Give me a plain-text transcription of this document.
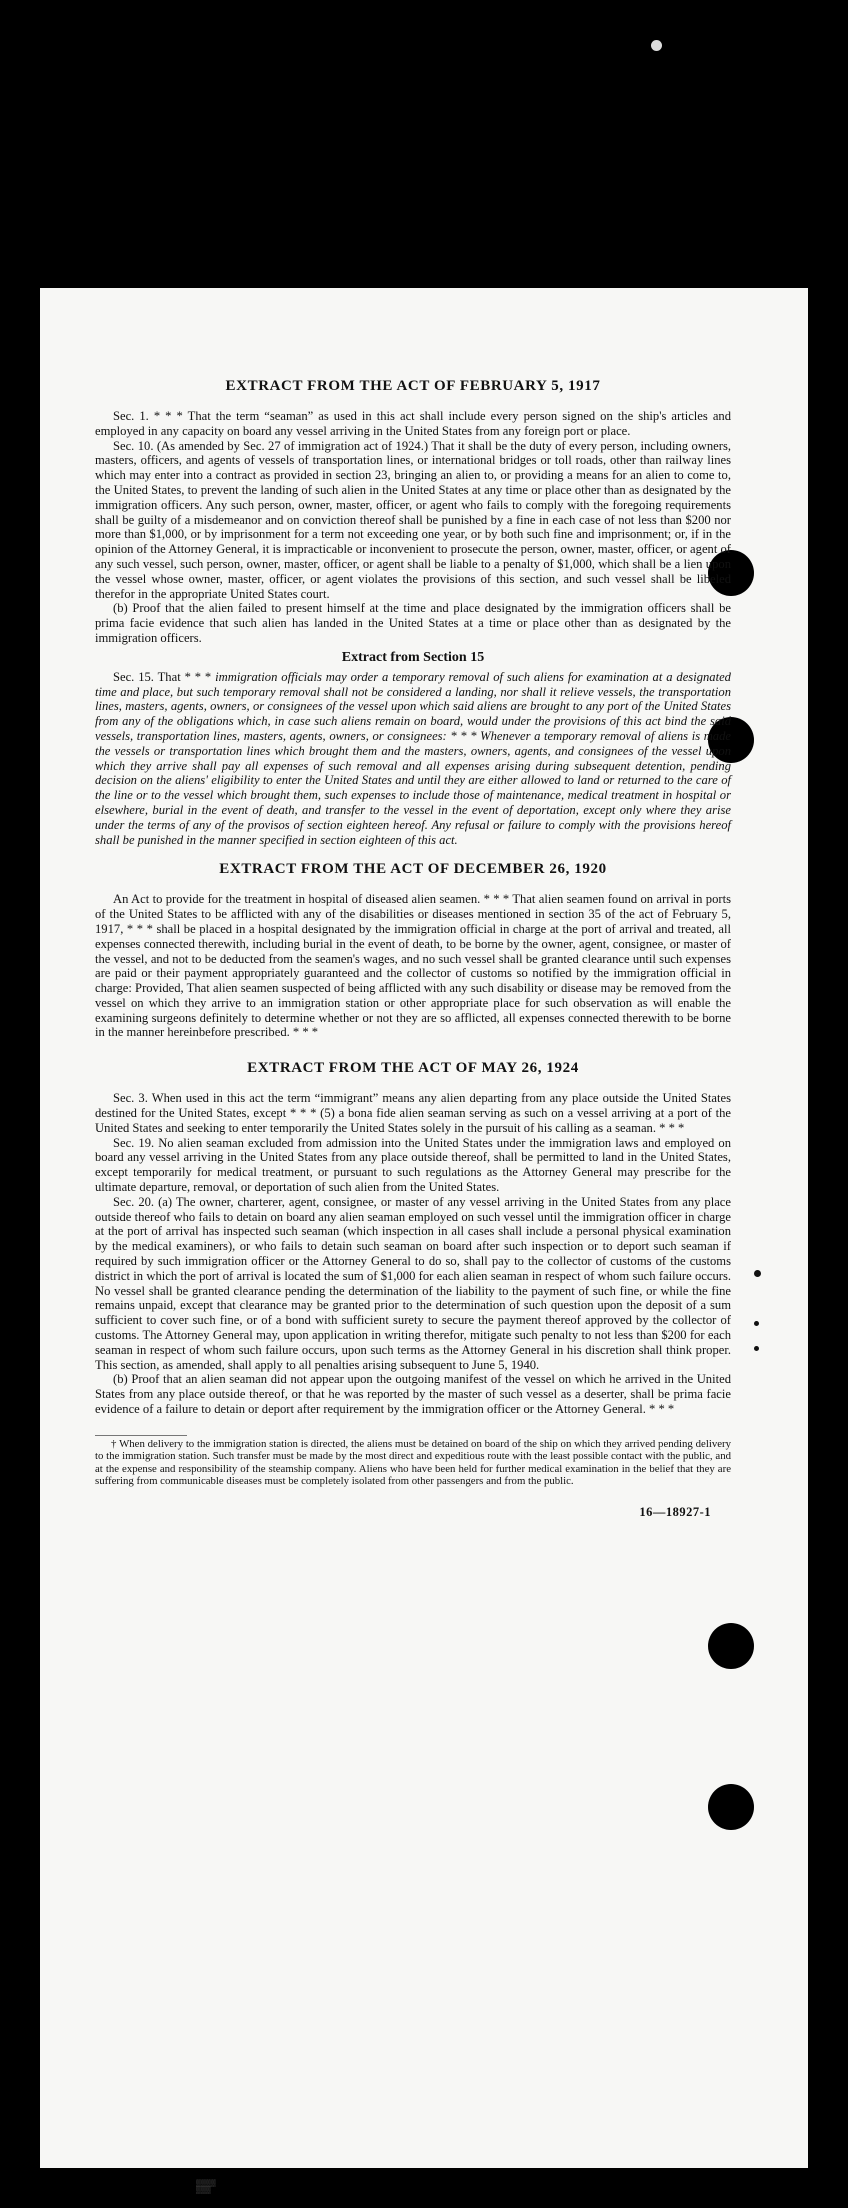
EXTRACT FROM THE ACT OF FEBRUARY 5, 1917

Sec. 1. * * * That the term “seaman” as used in this act shall include every person signed on the ship's articles and employed in any capacity on board any vessel arriving in the United States from any foreign port or place.

Sec. 10. (As amended by Sec. 27 of immigration act of 1924.) That it shall be the duty of every person, including owners, masters, officers, and agents of vessels of transportation lines, or international bridges or toll roads, other than railway lines which may enter into a contract as provided in section 23, bringing an alien to, or providing a means for an alien to come to, the United States, to prevent the landing of such alien in the United States at any time or place other than as designated by the immigration officers. Any such person, owner, master, officer, or agent who fails to comply with the foregoing requirements shall be guilty of a misdemeanor and on conviction thereof shall be punished by a fine in each case of not less than $200 nor more than $1,000, or by imprisonment for a term not exceeding one year, or by both such fine and imprisonment; or, if in the opinion of the Attorney General, it is impracticable or inconvenient to prosecute the person, owner, master, officer, or agent of any such vessel, such person, owner, master, officer, or agent shall be liable to a penalty of $1,000, which shall be a lien upon the vessel whose owner, master, officer, or agent violates the provisions of this section, and such vessel shall be libeled therefor in the appropriate United States court.

(b) Proof that the alien failed to present himself at the time and place designated by the immigration officers shall be prima facie evidence that such alien has landed in the United States at a time or place other than as designated by the immigration officers.

Extract from Section 15

Sec. 15. That * * * immigration officials may order a temporary removal of such aliens for examination at a designated time and place, but such temporary removal shall not be considered a landing, nor shall it relieve vessels, the transportation lines, masters, agents, owners, or consignees of the vessel upon which said aliens are brought to any port of the United States from any of the obligations which, in case such aliens remain on board, would under the provisions of this act bind the said vessels, transportation lines, masters, agents, owners, or consignees: * * * Whenever a temporary removal of aliens is made the vessels or transportation lines which brought them and the masters, owners, agents, and consignees of the vessel upon which they arrive shall pay all expenses of such removal and all expenses arising during subsequent detention, pending decision on the aliens' eligibility to enter the United States and until they are either allowed to land or returned to the care of the line or to the vessel which brought them, such expenses to include those of maintenance, medical treatment in hospital or elsewhere, burial in the event of death, and transfer to the vessel in the event of deportation, except only where they arise under the terms of any of the provisos of section eighteen hereof. Any refusal or failure to comply with the provisions hereof shall be punished in the manner specified in section eighteen of this act.

EXTRACT FROM THE ACT OF DECEMBER 26, 1920

An Act to provide for the treatment in hospital of diseased alien seamen. * * * That alien seamen found on arrival in ports of the United States to be afflicted with any of the disabilities or diseases mentioned in section 35 of the act of February 5, 1917, * * * shall be placed in a hospital designated by the immigration official in charge at the port of arrival and treated, all expenses connected therewith, including burial in the event of death, to be borne by the owner, agent, consignee, or master of the vessel, and not to be deducted from the seamen's wages, and no such vessel shall be granted clearance until such expenses are paid or their payment appropriately guaranteed and the collector of customs so notified by the immigration official in charge: Provided, That alien seamen suspected of being afflicted with any such disability or disease may be removed from the vessel on which they arrive to an immigration station or other appropriate place for such observation as will enable the examining surgeons definitely to determine whether or not they are so afflicted, all expenses connected therewith to be borne in the manner hereinbefore prescribed. * * *

EXTRACT FROM THE ACT OF MAY 26, 1924

Sec. 3. When used in this act the term “immigrant” means any alien departing from any place outside the United States destined for the United States, except * * * (5) a bona fide alien seaman serving as such on a vessel arriving at a port of the United States and seeking to enter temporarily the United States solely in the pursuit of his calling as a seaman. * * *

Sec. 19. No alien seaman excluded from admission into the United States under the immigration laws and employed on board any vessel arriving in the United States from any place outside thereof, shall be permitted to land in the United States, except temporarily for medical treatment, or pursuant to such regulations as the Attorney General may prescribe for the ultimate departure, removal, or deportation of such alien from the United States.

Sec. 20. (a) The owner, charterer, agent, consignee, or master of any vessel arriving in the United States from any place outside thereof who fails to detain on board any alien seaman employed on such vessel until the immigration officer in charge at the port of arrival has inspected such seaman (which inspection in all cases shall include a personal physical examination by the medical examiners), or who fails to detain such seaman on board after such inspection or to deport such seaman if required by such immigration officer or the Attorney General to do so, shall pay to the collector of customs of the customs district in which the port of arrival is located the sum of $1,000 for each alien seaman in respect of whom such failure occurs. No vessel shall be granted clearance pending the determination of the liability to the payment of such fine, or while the fine remains unpaid, except that clearance may be granted prior to the determination of such question upon the deposit of a sum sufficient to cover such fine, or of a bond with sufficient surety to secure the payment thereof approved by the collector of customs. The Attorney General may, upon application in writing therefor, mitigate such penalty to not less than $200 for each seaman in respect of whom such failure occurs, upon such terms as the Attorney General in his discretion shall think proper. This section, as amended, shall apply to all penalties arising subsequent to June 5, 1940.

(b) Proof that an alien seaman did not appear upon the outgoing manifest of the vessel on which he arrived in the United States from any place outside thereof, or that he was reported by the master of such vessel as a deserter, shall be prima facie evidence of a failure to detain or deport after requirement by the immigration officer or the Attorney General. * * *

† When delivery to the immigration station is directed, the aliens must be detained on board of the ship on which they arrived pending delivery to the immigration station. Such transfer must be made by the most direct and expeditious route with the least possible contact with the public, and at the expense and responsibility of the steamship company. Aliens who have been held for further medical examination in the belief that they are suffering from communicable diseases must be completely isolated from other passengers and from the public.

16—18927-1
▒▒▒▒
▒▒▒
